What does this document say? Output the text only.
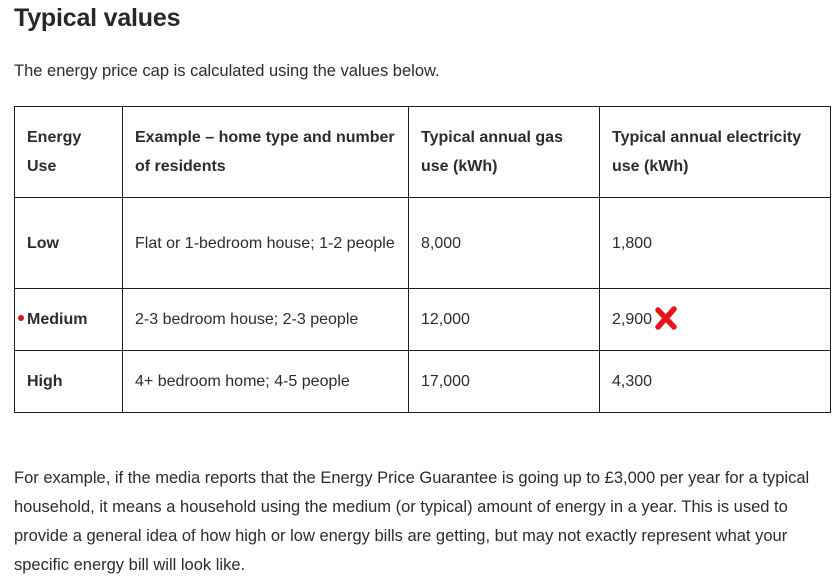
Typical values

The energy price cap is calculated using the values below.

Energy Use	Example – home type and number of residents	Typical annual gas use (kWh)	Typical annual electricity use (kWh)
Low	Flat or 1-bedroom house; 1-2 people	8,000	1,800
Medium	2-3 bedroom house; 2-3 people	12,000	2,900

High	4+ bedroom home; 4-5 people	17,000	4,300

For example, if the media reports that the Energy Price Guarantee is going up to £3,000 per year for a typical household, it means a household using the medium (or typical) amount of energy in a year. This is used to provide a general idea of how high or low energy bills are getting, but may not exactly represent what your specific energy bill will look like.
